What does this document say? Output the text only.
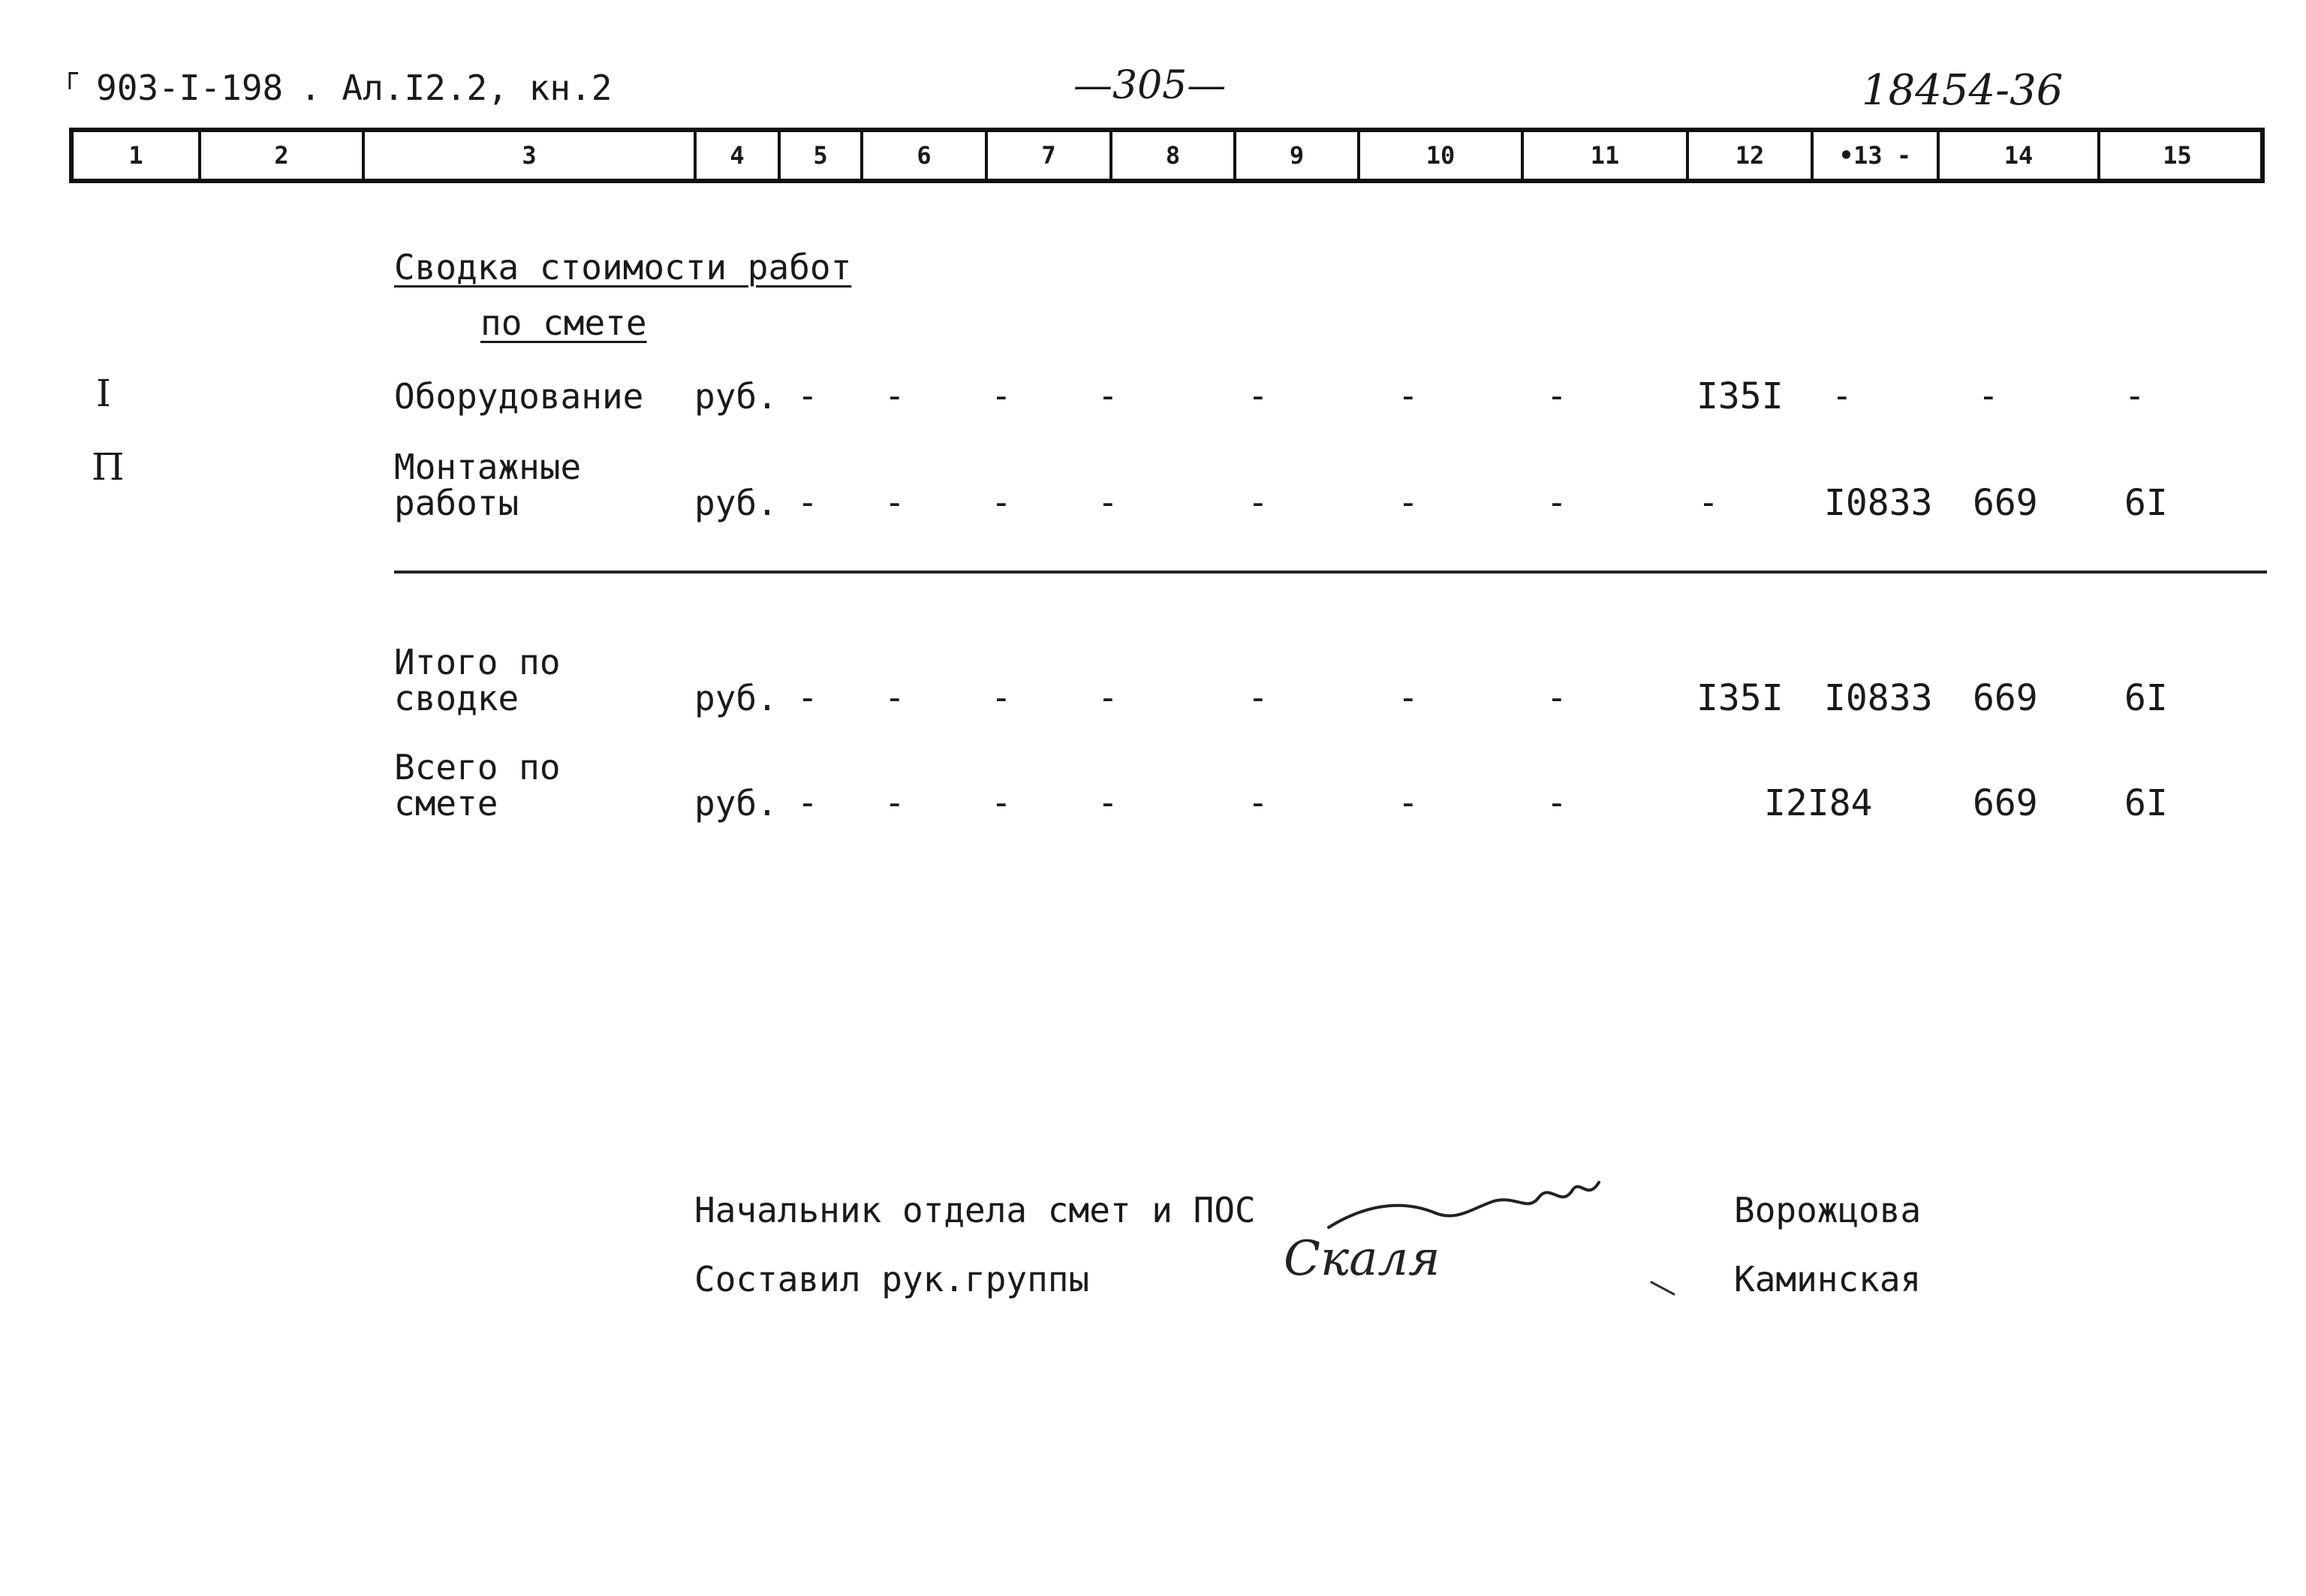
┌ 903-I-198 . Ал.I2.2, кн.2	—305—	18454-36
1	2	3	4	5	6	7	8	9	10	11	12	•13 -	14	15
Сводка стоимости работ
по смете
I	Оборудование руб. - - - -	-	-	-	I35I -	-	-
П	Монтажные
работы	руб. - - - -	-	-	-	-	I0833 669 6I
Итого по
сводке	руб. - - - -	-	-	-	I35I I0833 669 6I
Всего по
смете	руб. - - - -	-	-	-	I2I84	669 6I
Начальник отдела смет и ПОС	Ворожцова
Составил рук.группы	Скаля	Каминская
